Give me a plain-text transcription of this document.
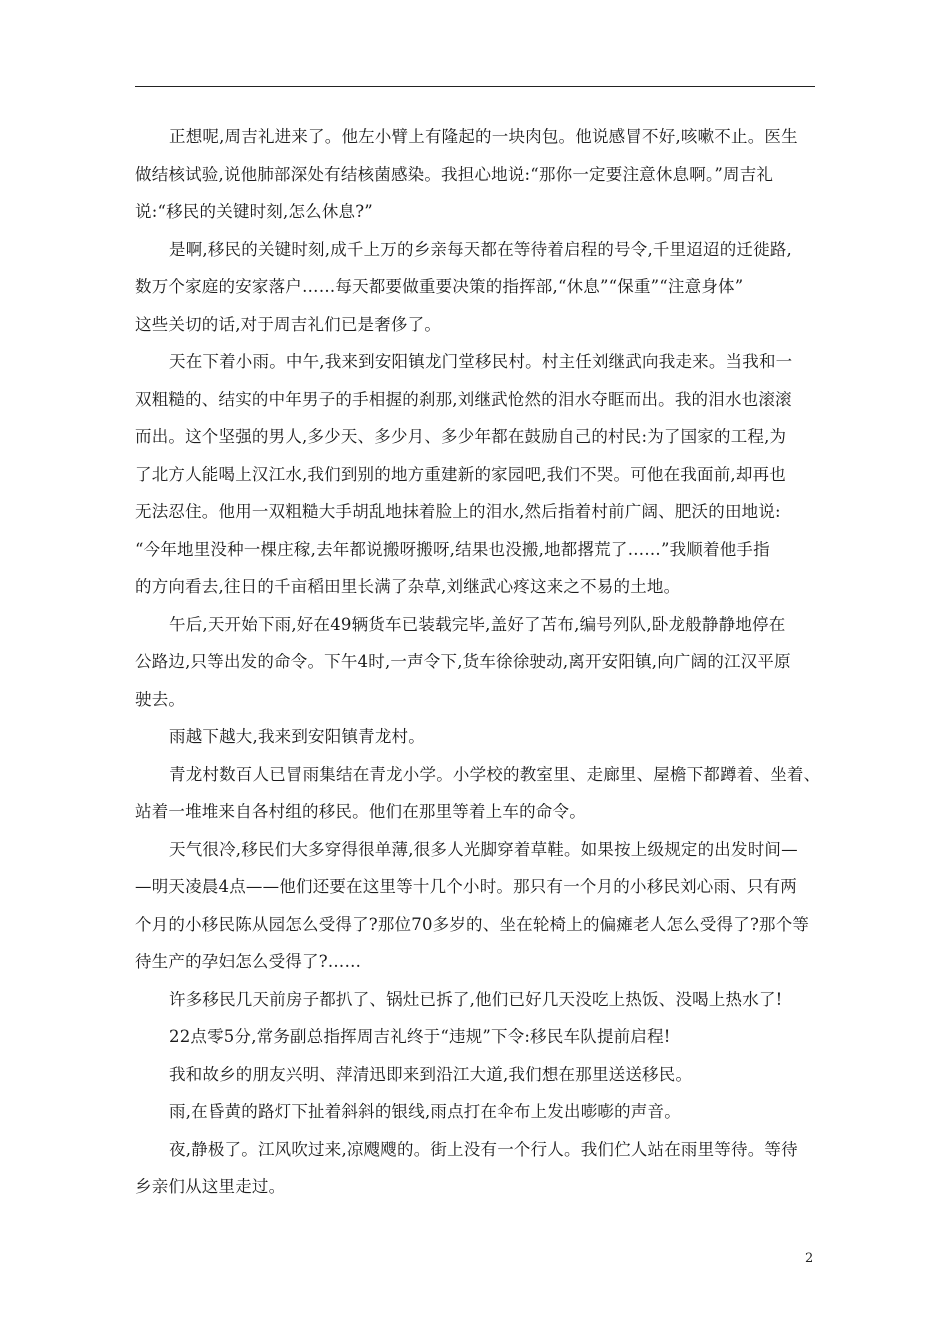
正想呢,周吉礼进来了。他左小臂上有隆起的一块肉包。他说感冒不好,咳嗽不止。医生
做结核试验,说他肺部深处有结核菌感染。我担心地说:“那你一定要注意休息啊。”周吉礼
说:“移民的关键时刻,怎么休息?”
是啊,移民的关键时刻,成千上万的乡亲每天都在等待着启程的号令,千里迢迢的迁徙路,
数万个家庭的安家落户……每天都要做重要决策的指挥部,“休息”“保重”“注意身体”
这些关切的话,对于周吉礼们已是奢侈了。
天在下着小雨。中午,我来到安阳镇龙门堂移民村。村主任刘继武向我走来。当我和一
双粗糙的、结实的中年男子的手相握的刹那,刘继武怆然的泪水夺眶而出。我的泪水也滚滚
而出。这个坚强的男人,多少天、多少月、多少年都在鼓励自己的村民:为了国家的工程,为
了北方人能喝上汉江水,我们到别的地方重建新的家园吧,我们不哭。可他在我面前,却再也
无法忍住。他用一双粗糙大手胡乱地抹着脸上的泪水,然后指着村前广阔、肥沃的田地说:
“今年地里没种一棵庄稼,去年都说搬呀搬呀,结果也没搬,地都撂荒了……”我顺着他手指
的方向看去,往日的千亩稻田里长满了杂草,刘继武心疼这来之不易的土地。
午后,天开始下雨,好在49辆货车已装载完毕,盖好了苫布,编号列队,卧龙般静静地停在
公路边,只等出发的命令。下午4时,一声令下,货车徐徐驶动,离开安阳镇,向广阔的江汉平原
驶去。
雨越下越大,我来到安阳镇青龙村。
青龙村数百人已冒雨集结在青龙小学。小学校的教室里、走廊里、屋檐下都蹲着、坐着、
站着一堆堆来自各村组的移民。他们在那里等着上车的命令。
天气很冷,移民们大多穿得很单薄,很多人光脚穿着草鞋。如果按上级规定的出发时间—
—明天凌晨4点——他们还要在这里等十几个小时。那只有一个月的小移民刘心雨、只有两
个月的小移民陈从园怎么受得了?那位70多岁的、坐在轮椅上的偏瘫老人怎么受得了?那个等
待生产的孕妇怎么受得了?……
许多移民几天前房子都扒了、锅灶已拆了,他们已好几天没吃上热饭、没喝上热水了!
22点零5分,常务副总指挥周吉礼终于“违规”下令:移民车队提前启程!
我和故乡的朋友兴明、萍清迅即来到沿江大道,我们想在那里送送移民。
雨,在昏黄的路灯下扯着斜斜的银线,雨点打在伞布上发出嘭嘭的声音。
夜,静极了。江风吹过来,凉飕飕的。街上没有一个行人。我们伫人站在雨里等待。等待
乡亲们从这里走过。
2
